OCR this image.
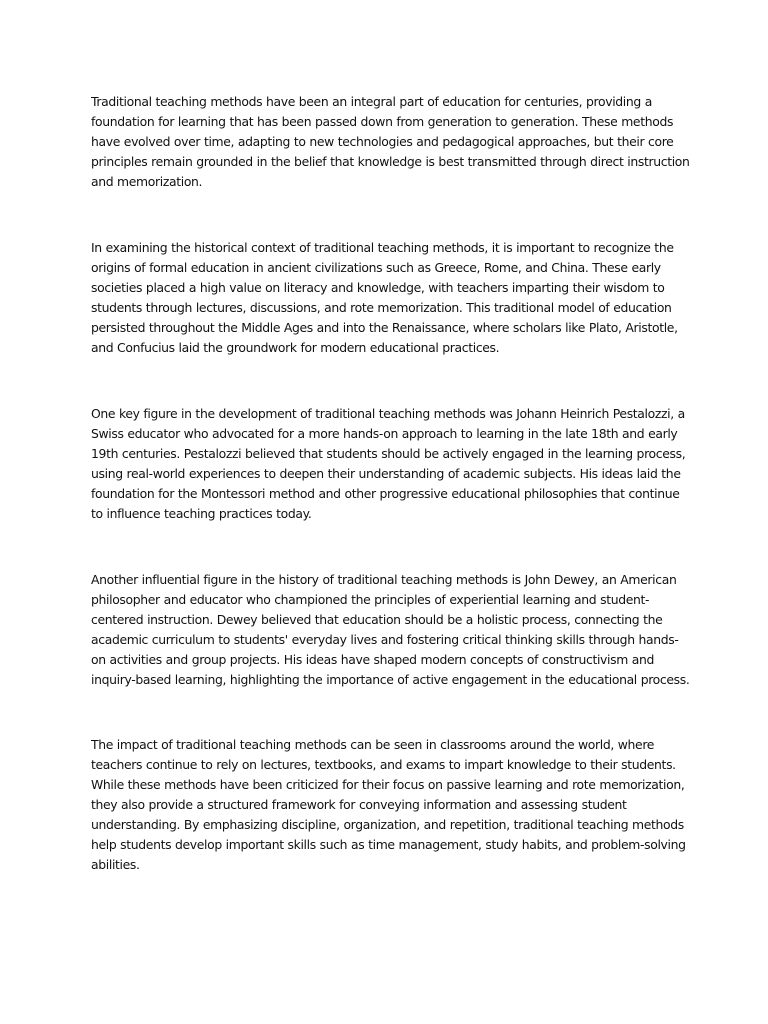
Traditional teaching methods have been an integral part of education for centuries, providing a foundation for learning that has been passed down from generation to generation. These methods have evolved over time, adapting to new technologies and pedagogical approaches, but their core principles remain grounded in the belief that knowledge is best transmitted through direct instruction and memorization.

In examining the historical context of traditional teaching methods, it is important to recognize the origins of formal education in ancient civilizations such as Greece, Rome, and China. These early societies placed a high value on literacy and knowledge, with teachers imparting their wisdom to students through lectures, discussions, and rote memorization. This traditional model of education persisted throughout the Middle Ages and into the Renaissance, where scholars like Plato, Aristotle, and Confucius laid the groundwork for modern educational practices.

One key figure in the development of traditional teaching methods was Johann Heinrich Pestalozzi, a Swiss educator who advocated for a more hands-on approach to learning in the late 18th and early 19th centuries. Pestalozzi believed that students should be actively engaged in the learning process, using real-world experiences to deepen their understanding of academic subjects. His ideas laid the foundation for the Montessori method and other progressive educational philosophies that continue to influence teaching practices today.

Another influential figure in the history of traditional teaching methods is John Dewey, an American philosopher and educator who championed the principles of experiential learning and student-centered instruction. Dewey believed that education should be a holistic process, connecting the academic curriculum to students' everyday lives and fostering critical thinking skills through hands-on activities and group projects. His ideas have shaped modern concepts of constructivism and inquiry-based learning, highlighting the importance of active engagement in the educational process.

The impact of traditional teaching methods can be seen in classrooms around the world, where teachers continue to rely on lectures, textbooks, and exams to impart knowledge to their students. While these methods have been criticized for their focus on passive learning and rote memorization, they also provide a structured framework for conveying information and assessing student understanding. By emphasizing discipline, organization, and repetition, traditional teaching methods help students develop important skills such as time management, study habits, and problem-solving abilities.
